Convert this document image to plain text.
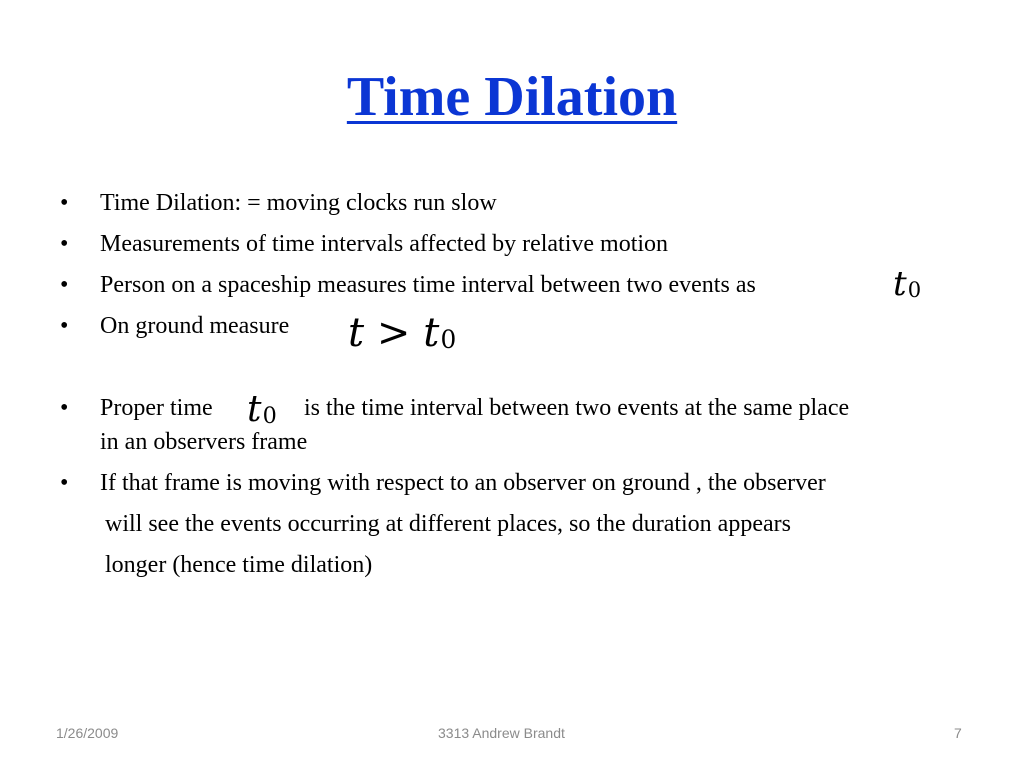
Time Dilation
• Time Dilation: = moving clocks run slow
• Measurements of time intervals affected by relative motion
• Person on a spaceship measures time interval between two events as	t0
• On ground measure t > t0
• Proper time t0 is the time interval between two events at the same place
in an observers frame
• If that frame is moving with respect to an observer on ground , the observer
will see the events occurring at different places, so the duration appears
longer (hence time dilation)
1/26/2009	3313 Andrew Brandt	7
